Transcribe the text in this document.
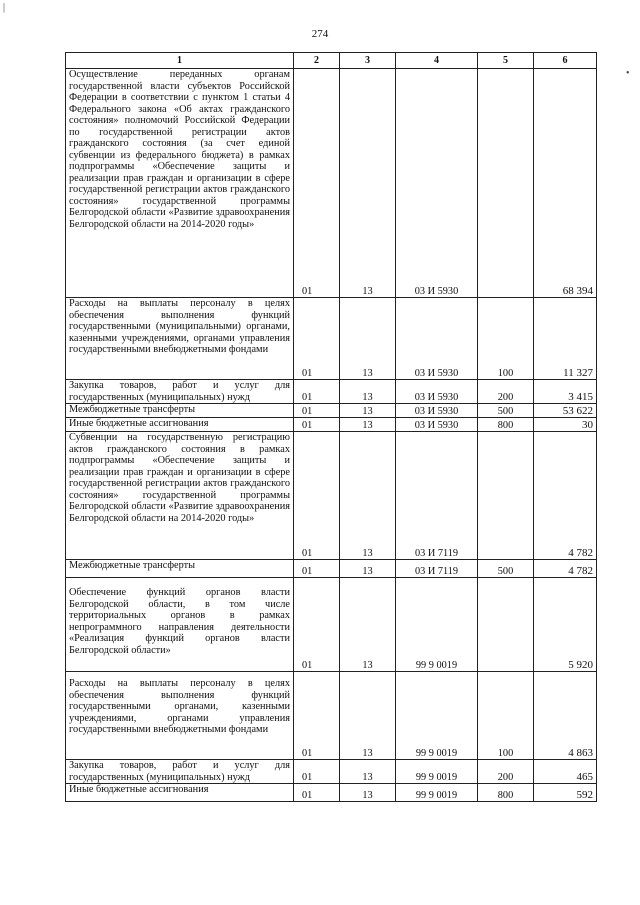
|
274
•
1	2	3	4	5	6
Осуществление переданных органам государственной власти субъектов Российской Федерации в соответствии с пунктом 1 статьи 4 Федерального закона «Об актах гражданского состояния» полномочий Российской Федерации по государственной регистрации актов гражданского состояния (за счет единой субвенции из федерального бюджета) в рамках подпрограммы «Обеспечение защиты и реализации прав граждан и организации в сфере государственной регистрации актов гражданского состояния» государственной программы Белгородской области «Развитие здравоохранения Белгородской области на 2014-2020 годы»	01	13	03 И 5930		68 394
Расходы на выплаты персоналу в целях обеспечения выполнения функций государственными (муниципальными) органами, казенными учреждениями, органами управления государственными внебюджетными фондами	01	13	03 И 5930	100	11 327
Закупка товаров, работ и услуг для государственных (муниципальных) нужд	01	13	03 И 5930	200	3 415
Межбюджетные трансферты	01	13	03 И 5930	500	53 622
Иные бюджетные ассигнования	01	13	03 И 5930	800	30
Субвенции на государственную регистрацию актов гражданского состояния в рамках подпрограммы «Обеспечение защиты и реализации прав граждан и организации в сфере государственной регистрации актов гражданского состояния» государственной программы Белгородской области «Развитие здравоохранения Белгородской области на 2014-2020 годы»	01	13	03 И 7119		4 782
Межбюджетные трансферты	01	13	03 И 7119	500	4 782
Обеспечение функций органов власти Белгородской области, в том числе территориальных органов в рамках непрограммного направления деятельности «Реализация функций органов власти Белгородской области»	01	13	99 9 0019		5 920
Расходы на выплаты персоналу в целях обеспечения выполнения функций государственными органами, казенными учреждениями, органами управления государственными внебюджетными фондами	01	13	99 9 0019	100	4 863
Закупка товаров, работ и услуг для государственных (муниципальных) нужд	01	13	99 9 0019	200	465
Иные бюджетные ассигнования	01	13	99 9 0019	800	592
